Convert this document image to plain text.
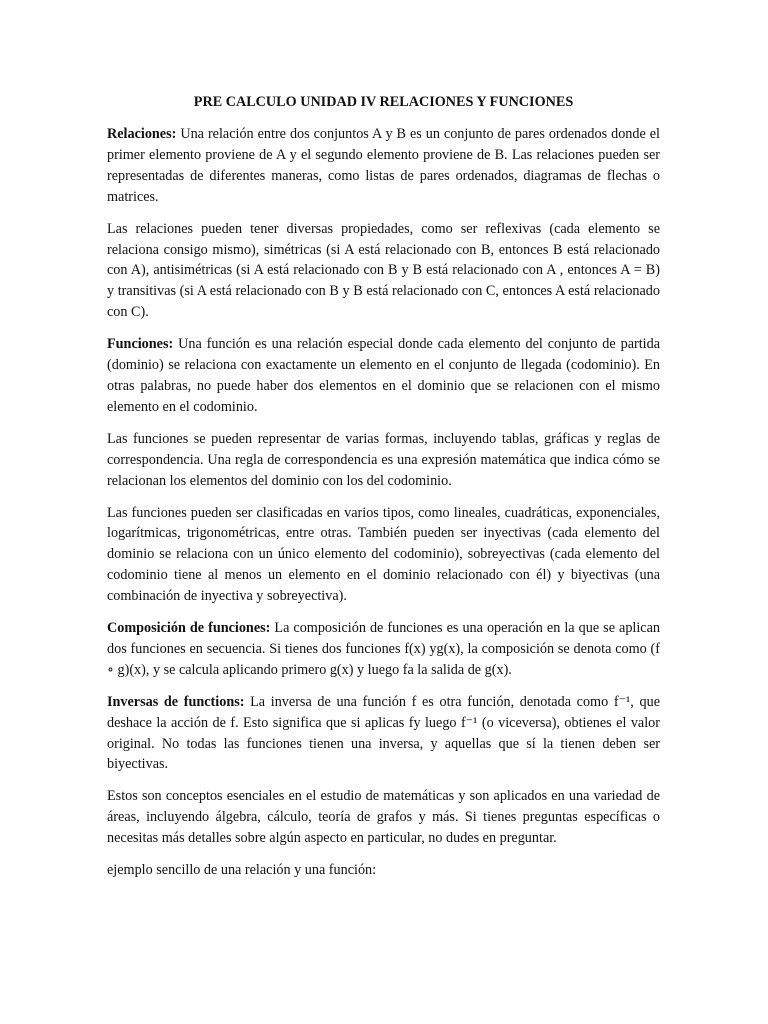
PRE CALCULO UNIDAD IV RELACIONES Y FUNCIONES

Relaciones: Una relación entre dos conjuntos A y B es un conjunto de pares ordenados donde el primer elemento proviene de A y el segundo elemento proviene de B. Las relaciones pueden ser representadas de diferentes maneras, como listas de pares ordenados, diagramas de flechas o matrices.

Las relaciones pueden tener diversas propiedades, como ser reflexivas (cada elemento se relaciona consigo mismo), simétricas (si A está relacionado con B, entonces B está relacionado con A), antisimétricas (si A está relacionado con B y B está relacionado con A , entonces A = B) y transitivas (si A está relacionado con B y B está relacionado con C, entonces A está relacionado con C).

Funciones: Una función es una relación especial donde cada elemento del conjunto de partida (dominio) se relaciona con exactamente un elemento en el conjunto de llegada (codominio). En otras palabras, no puede haber dos elementos en el dominio que se relacionen con el mismo elemento en el codominio.

Las funciones se pueden representar de varias formas, incluyendo tablas, gráficas y reglas de correspondencia. Una regla de correspondencia es una expresión matemática que indica cómo se relacionan los elementos del dominio con los del codominio.

Las funciones pueden ser clasificadas en varios tipos, como lineales, cuadráticas, exponenciales, logarítmicas, trigonométricas, entre otras. También pueden ser inyectivas (cada elemento del dominio se relaciona con un único elemento del codominio), sobreyectivas (cada elemento del codominio tiene al menos un elemento en el dominio relacionado con él) y biyectivas (una combinación de inyectiva y sobreyectiva).

Composición de funciones: La composición de funciones es una operación en la que se aplican dos funciones en secuencia. Si tienes dos funciones f(x) yg(x), la composición se denota como (f ∘ g)(x), y se calcula aplicando primero g(x) y luego fa la salida de g(x).

Inversas de functions: La inversa de una función f es otra función, denotada como f⁻¹, que deshace la acción de f. Esto significa que si aplicas fy luego f⁻¹ (o viceversa), obtienes el valor original. No todas las funciones tienen una inversa, y aquellas que sí la tienen deben ser biyectivas.

Estos son conceptos esenciales en el estudio de matemáticas y son aplicados en una variedad de áreas, incluyendo álgebra, cálculo, teoría de grafos y más. Si tienes preguntas específicas o necesitas más detalles sobre algún aspecto en particular, no dudes en preguntar.

ejemplo sencillo de una relación y una función:
